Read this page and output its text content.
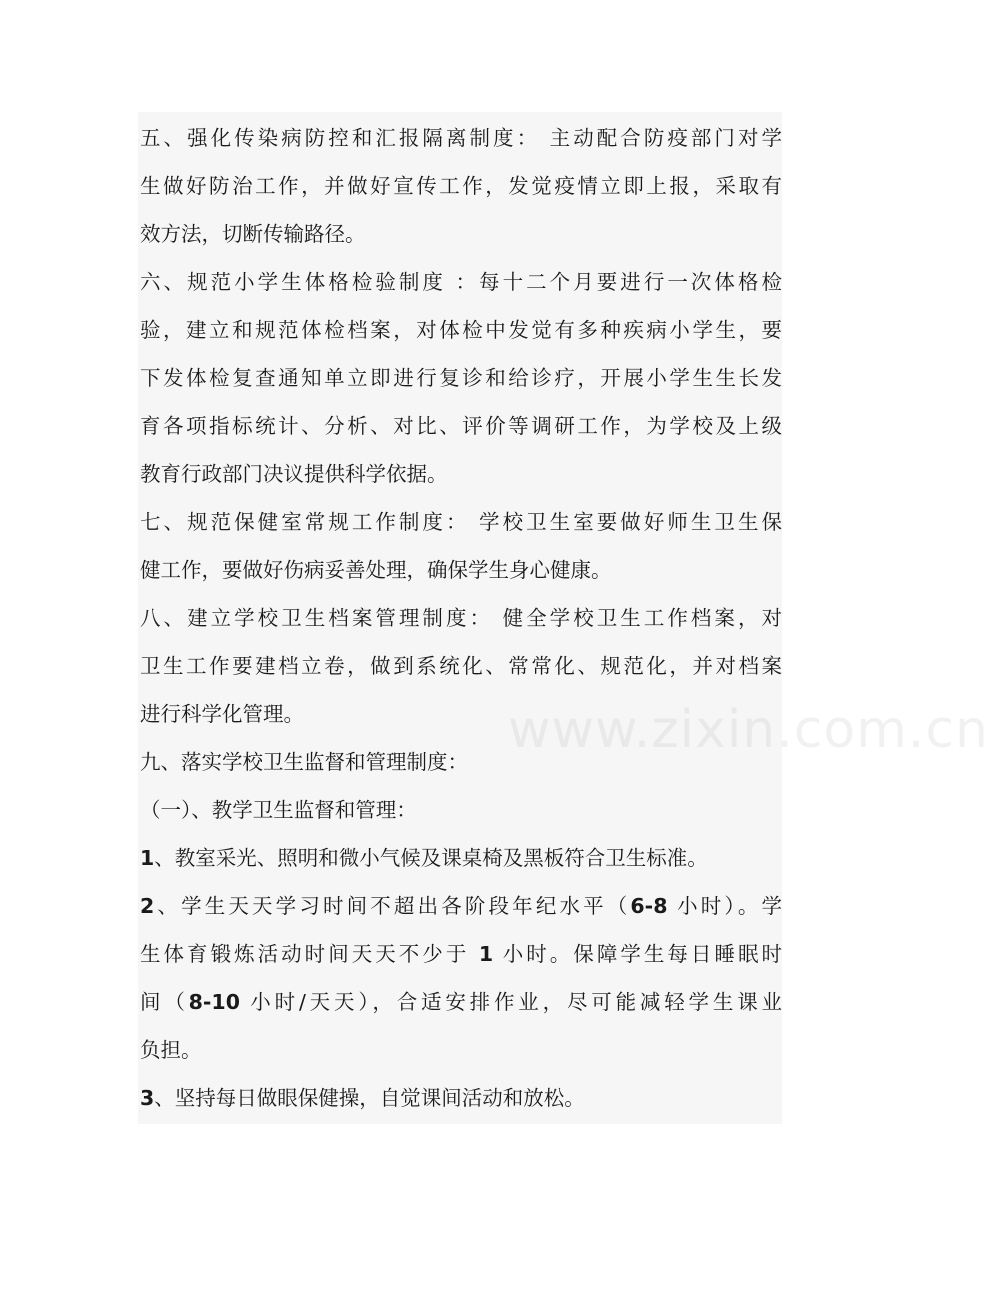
www.zixin.com.cn
五、强化传染病防控和汇报隔离制度： 主动配合防疫部门对学
生做好防治工作，并做好宣传工作，发觉疫情立即上报，采取有
效方法，切断传输路径。
六、规范小学生体格检验制度 ：每十二个月要进行一次体格检
验，建立和规范体检档案，对体检中发觉有多种疾病小学生，要
下发体检复查通知单立即进行复诊和给诊疗，开展小学生生长发
育各项指标统计、分析、对比、评价等调研工作，为学校及上级
教育行政部门决议提供科学依据。
七、规范保健室常规工作制度： 学校卫生室要做好师生卫生保
健工作，要做好伤病妥善处理，确保学生身心健康。
八、建立学校卫生档案管理制度： 健全学校卫生工作档案，对
卫生工作要建档立卷，做到系统化、常常化、规范化，并对档案
进行科学化管理。
九、落实学校卫生监督和管理制度：
（一）、教学卫生监督和管理：
1、教室采光、照明和微小气候及课桌椅及黑板符合卫生标准。
2、学生天天学习时间不超出各阶段年纪水平（6-8 小时）。学
生体育锻炼活动时间天天不少于 1 小时。保障学生每日睡眠时
间（8-10 小时/天天），合适安排作业，尽可能减轻学生课业
负担。
3、坚持每日做眼保健操，自觉课间活动和放松。
